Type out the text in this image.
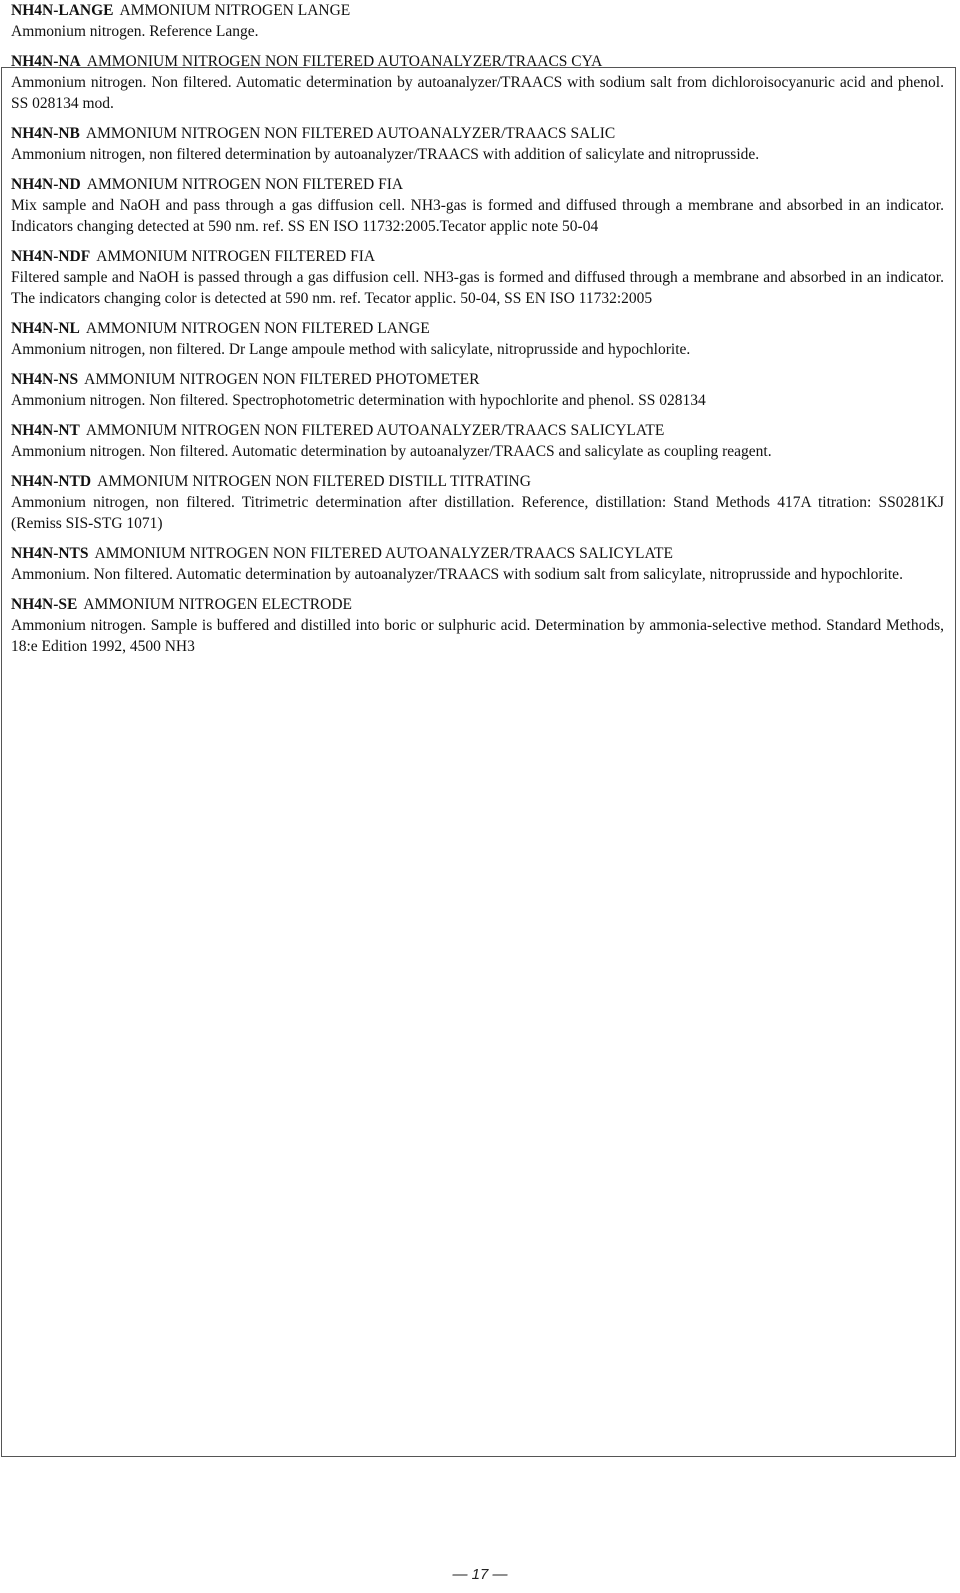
NH4N-LANGE AMMONIUM NITROGEN LANGE

Ammonium nitrogen. Reference Lange.

NH4N-NA AMMONIUM NITROGEN NON FILTERED AUTOANALYZER/TRAACS CYA

Ammonium nitrogen. Non filtered. Automatic determination by autoanalyzer/TRAACS with sodium salt from dichloroisocyanuric acid and phenol. SS 028134 mod.

NH4N-NB AMMONIUM NITROGEN NON FILTERED AUTOANALYZER/TRAACS SALIC

Ammonium nitrogen, non filtered determination by autoanalyzer/TRAACS with addition of salicylate and nitroprusside.

NH4N-ND AMMONIUM NITROGEN NON FILTERED FIA

Mix sample and NaOH and pass through a gas diffusion cell. NH3-gas is formed and diffused through a membrane and absorbed in an indicator. Indicators changing detected at 590 nm. ref. SS EN ISO 11732:2005.Tecator applic note 50-04

NH4N-NDF AMMONIUM NITROGEN FILTERED FIA

Filtered sample and NaOH is passed through a gas diffusion cell. NH3-gas is formed and diffused through a membrane and absorbed in an indicator. The indicators changing color is detected at 590 nm. ref. Tecator applic. 50-04, SS EN ISO 11732:2005

NH4N-NL AMMONIUM NITROGEN NON FILTERED LANGE

Ammonium nitrogen, non filtered. Dr Lange ampoule method with salicylate, nitroprusside and hypochlorite.

NH4N-NS AMMONIUM NITROGEN NON FILTERED PHOTOMETER

Ammonium nitrogen. Non filtered. Spectrophotometric determination with hypochlorite and phenol. SS 028134

NH4N-NT AMMONIUM NITROGEN NON FILTERED AUTOANALYZER/TRAACS SALICYLATE

Ammonium nitrogen. Non filtered. Automatic determination by autoanalyzer/TRAACS and salicylate as coupling reagent.

NH4N-NTD AMMONIUM NITROGEN NON FILTERED DISTILL TITRATING

Ammonium nitrogen, non filtered. Titrimetric determination after distillation. Reference, distillation: Stand Methods 417A titration: SS0281KJ (Remiss SIS-STG 1071)

NH4N-NTS AMMONIUM NITROGEN NON FILTERED AUTOANALYZER/TRAACS SALICYLATE

Ammonium. Non filtered. Automatic determination by autoanalyzer/TRAACS with sodium salt from salicylate, nitroprusside and hypochlorite.

NH4N-SE AMMONIUM NITROGEN ELECTRODE

Ammonium nitrogen. Sample is buffered and distilled into boric or sulphuric acid. Determination by ammonia-selective method. Standard Methods, 18:e Edition 1992, 4500 NH3

— 17 —
